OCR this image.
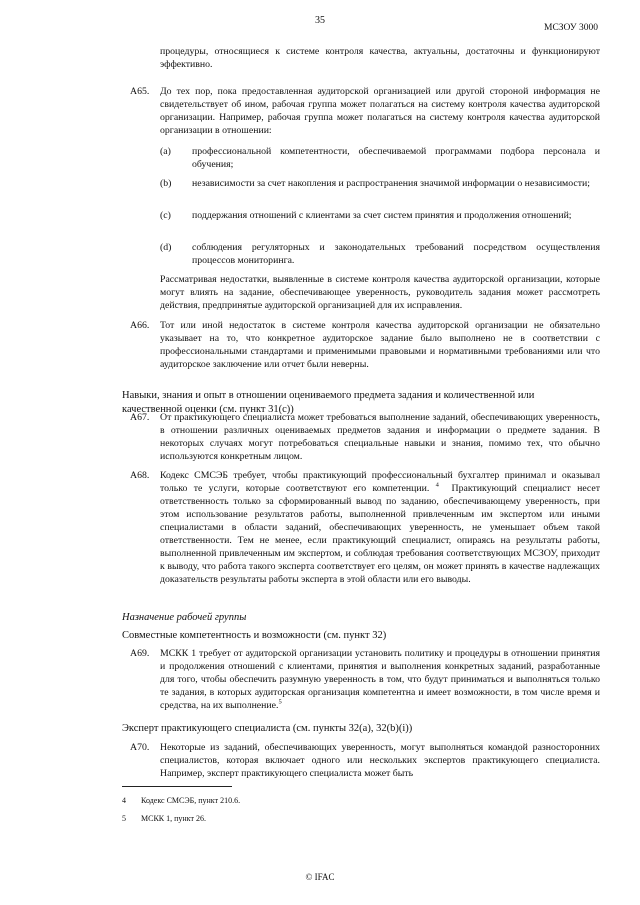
35
МСЗОУ 3000

процедуры, относящиеся к системе контроля качества, актуальны, достаточны и функционируют эффективно.

A65. До тех пор, пока предоставленная аудиторской организацией или другой стороной информация не свидетельствует об ином, рабочая группа может полагаться на систему контроля качества аудиторской организации. Например, рабочая группа может полагаться на систему контроля качества аудиторской организации в отношении:

(a) профессиональной компетентности, обеспечиваемой программами подбора персонала и обучения;

(b) независимости за счет накопления и распространения значимой информации о независимости;

(c) поддержания отношений с клиентами за счет систем принятия и продолжения отношений;

(d) соблюдения регуляторных и законодательных требований посредством осуществления процессов мониторинга.

Рассматривая недостатки, выявленные в системе контроля качества аудиторской организации, которые могут влиять на задание, обеспечивающее уверенность, руководитель задания может рассмотреть действия, предпринятые аудиторской организацией для их исправления.

A66. Тот или иной недостаток в системе контроля качества аудиторской организации не обязательно указывает на то, что конкретное аудиторское задание было выполнено не в соответствии с профессиональными стандартами и применимыми правовыми и нормативными требованиями или что аудиторское заключение или отчет были неверны.

Навыки, знания и опыт в отношении оцениваемого предмета задания и количественной или качественной оценки (см. пункт 31(c))

A67. От практикующего специалиста может требоваться выполнение заданий, обеспечивающих уверенность, в отношении различных оцениваемых предметов задания и информации о предмете задания. В некоторых случаях могут потребоваться специальные навыки и знания, помимо тех, что обычно используются конкретным лицом.

A68. Кодекс СМСЭБ требует, чтобы практикующий профессиональный бухгалтер принимал и оказывал только те услуги, которые соответствуют его компетенции. $^4$ Практикующий специалист несет ответственность только за сформированный вывод по заданию, обеспечивающему уверенность, при этом использование результатов работы, выполненной привлеченным им экспертом или иными специалистами в области заданий, обеспечивающих уверенность, не уменьшает объем такой ответственности. Тем не менее, если практикующий специалист, опираясь на результаты работы, выполненной привлеченным им экспертом, и соблюдая требования соответствующих МСЗОУ, приходит к выводу, что работа такого эксперта соответствует его целям, он может принять в качестве надлежащих доказательств результаты работы эксперта в этой области или его выводы.

Назначение рабочей группы
Совместные компетентность и возможности (см. пункт 32)
A69. МСКК 1 требует от аудиторской организации установить политику и процедуры в отношении принятия и продолжения отношений с клиентами, принятия и выполнения конкретных заданий, разработанные для того, чтобы обеспечить разумную уверенность в том, что будут приниматься и выполняться только те задания, в которых аудиторская организация компетентна и имеет возможности, в том числе время и средства, на их выполнение.$^5$

Эксперт практикующего специалиста (см. пункты 32(a), 32(b)(i))
A70. Некоторые из заданий, обеспечивающих уверенность, могут выполняться командой разносторонних специалистов, которая включает одного или нескольких экспертов практикующего специалиста. Например, эксперт практикующего специалиста может быть

4 Кодекс СМСЭБ, пункт 210.6.
5 МСКК 1, пункт 26.
© IFAC
